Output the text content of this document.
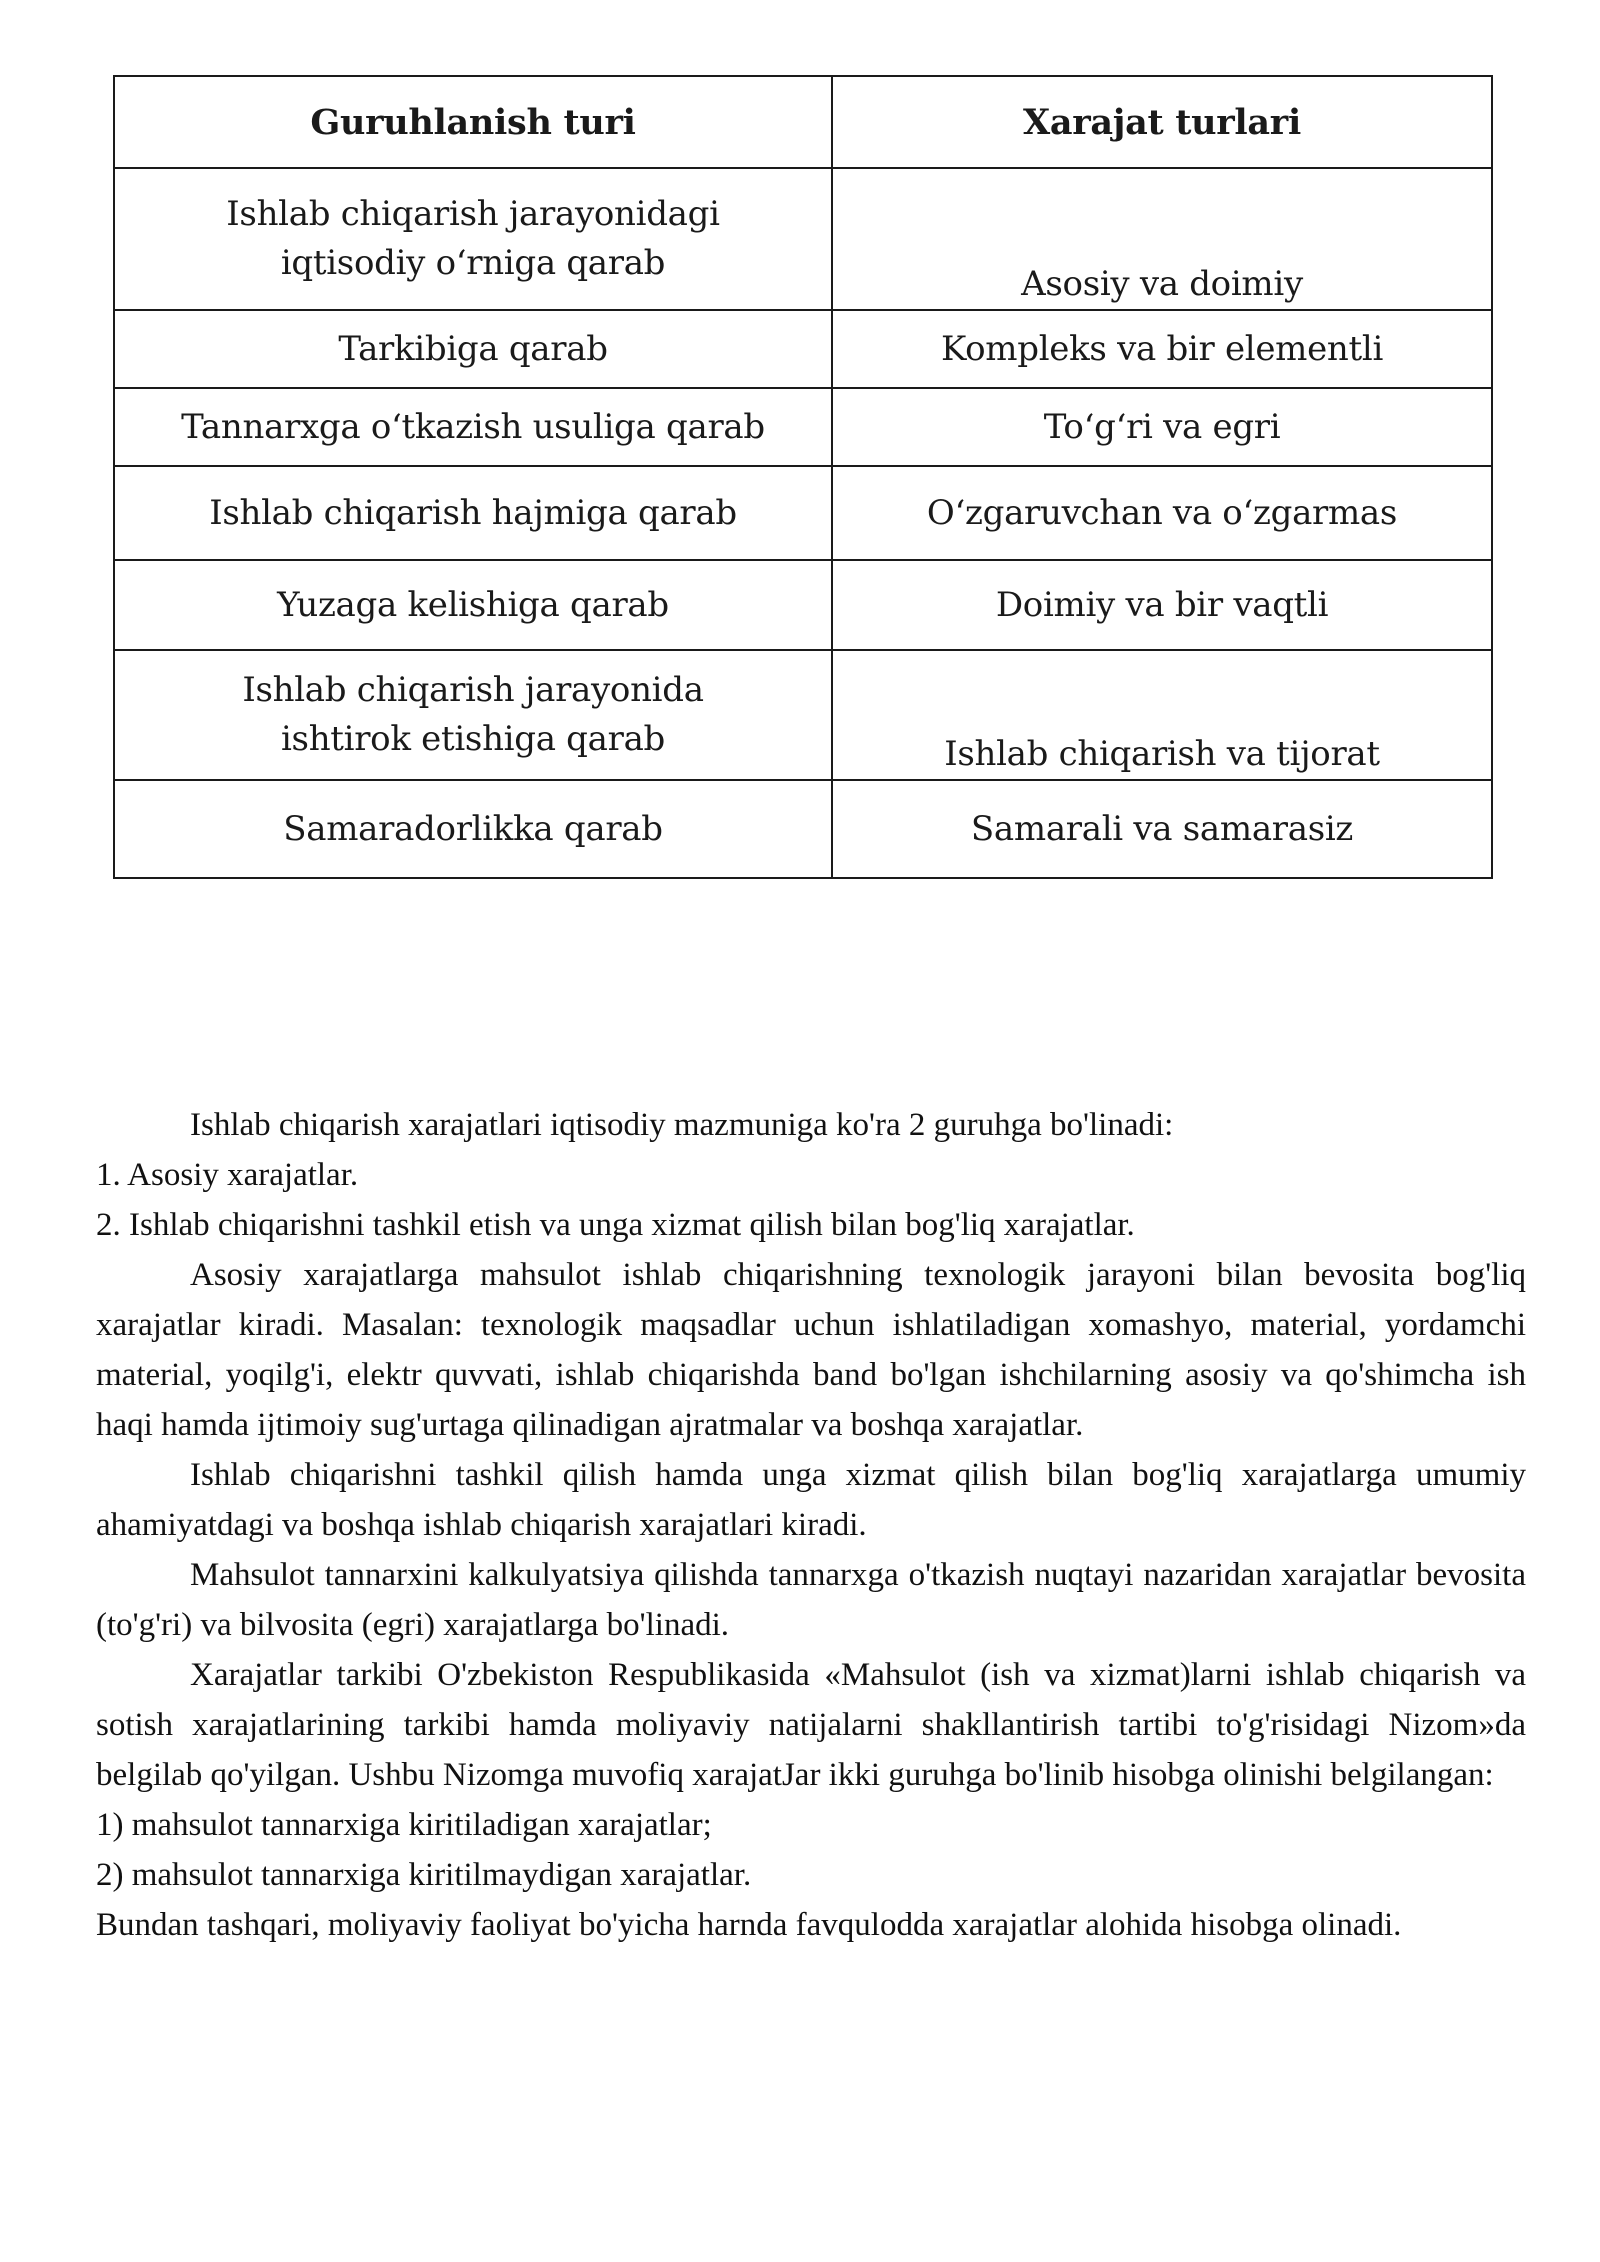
Guruhlanish turi	Xarajat turlari
Ishlab chiqarish jarayonidagi
iqtisodiy o‘rniga qarab	Asosiy va doimiy
Tarkibiga qarab	Kompleks va bir elementli
Tannarxga o‘tkazish usuliga qarab	To‘g‘ri va egri
Ishlab chiqarish hajmiga qarab	O‘zgaruvchan va o‘zgarmas
Yuzaga kelishiga qarab	Doimiy va bir vaqtli
Ishlab chiqarish jarayonida
ishtirok etishiga qarab	Ishlab chiqarish va tijorat
Samaradorlikka qarab	Samarali va samarasiz

Ishlab chiqarish xarajatlari iqtisodiy mazmuniga ko'ra 2 guruhga bo'linadi:

1. Asosiy xarajatlar.

2. Ishlab chiqarishni tashkil etish va unga xizmat qilish bilan bog'liq xarajatlar.

Asosiy xarajatlarga mahsulot ishlab chiqarishning texnologik jarayoni bilan bevosita bog'liq xarajatlar kiradi. Masalan: texnologik maqsadlar uchun ishlatiladigan xomashyo, material, yordamchi material, yoqilg'i, elektr quvvati, ishlab chiqarishda band bo'lgan ishchilarning asosiy va qo'shimcha ish haqi hamda ijtimoiy sug'urtaga qilinadigan ajratmalar va boshqa xarajatlar.

Ishlab chiqarishni tashkil qilish hamda unga xizmat qilish bilan bog'liq xarajatlarga umumiy ahamiyatdagi va boshqa ishlab chiqarish xarajatlari kiradi.

Mahsulot tannarxini kalkulyatsiya qilishda tannarxga o'tkazish nuqtayi nazaridan xarajatlar bevosita (to'g'ri) va bilvosita (egri) xarajatlarga bo'linadi.

Xarajatlar tarkibi O'zbekiston Respublikasida «Mahsulot (ish va xizmat)larni ishlab chiqarish va sotish xarajatlarining tarkibi hamda moliyaviy natijalarni shakllantirish tartibi to'g'risidagi Nizom»da belgilab qo'yilgan. Ushbu Nizomga muvofiq xarajatJar ikki guruhga bo'linib hisobga olinishi belgilangan:

1) mahsulot tannarxiga kiritiladigan xarajatlar;

2) mahsulot tannarxiga kiritilmaydigan xarajatlar.

Bundan tashqari, moliyaviy faoliyat bo'yicha harnda favqulodda xarajatlar alohida hisobga olinadi.
